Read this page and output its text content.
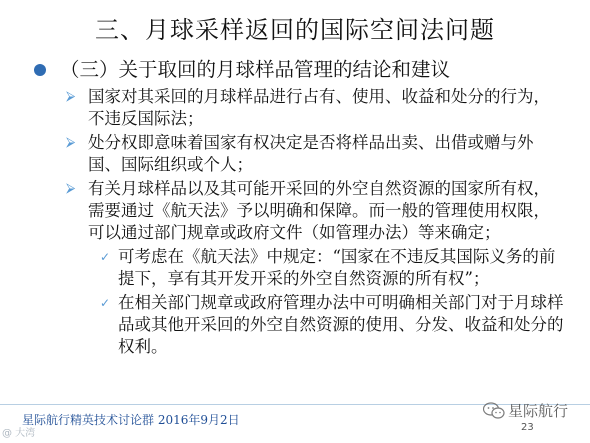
三、月球采样返回的国际空间法问题
（三）关于取回的月球样品管理的结论和建议
⮚ 国家对其采回的月球样品进行占有、使用、收益和处分的行为，不违反国际法；
⮚ 处分权即意味着国家有权决定是否将样品出卖、出借或赠与外国、国际组织或个人；
⮚ 有关月球样品以及其可能开采回的外空自然资源的国家所有权，需要通过《航天法》予以明确和保障。而一般的管理使用权限，可以通过部门规章或政府文件（如管理办法）等来确定；
✓ 可考虑在《航天法》中规定：“国家在不违反其国际义务的前提下，享有其开发开采的外空自然资源的所有权”；
✓ 在相关部门规章或政府管理办法中可明确相关部门对于月球样品或其他开采回的外空自然资源的使用、分发、收益和处分的权利。
星际航行精英技术讨论群 2016年9月2日	星际航行
23
@ 大湾
